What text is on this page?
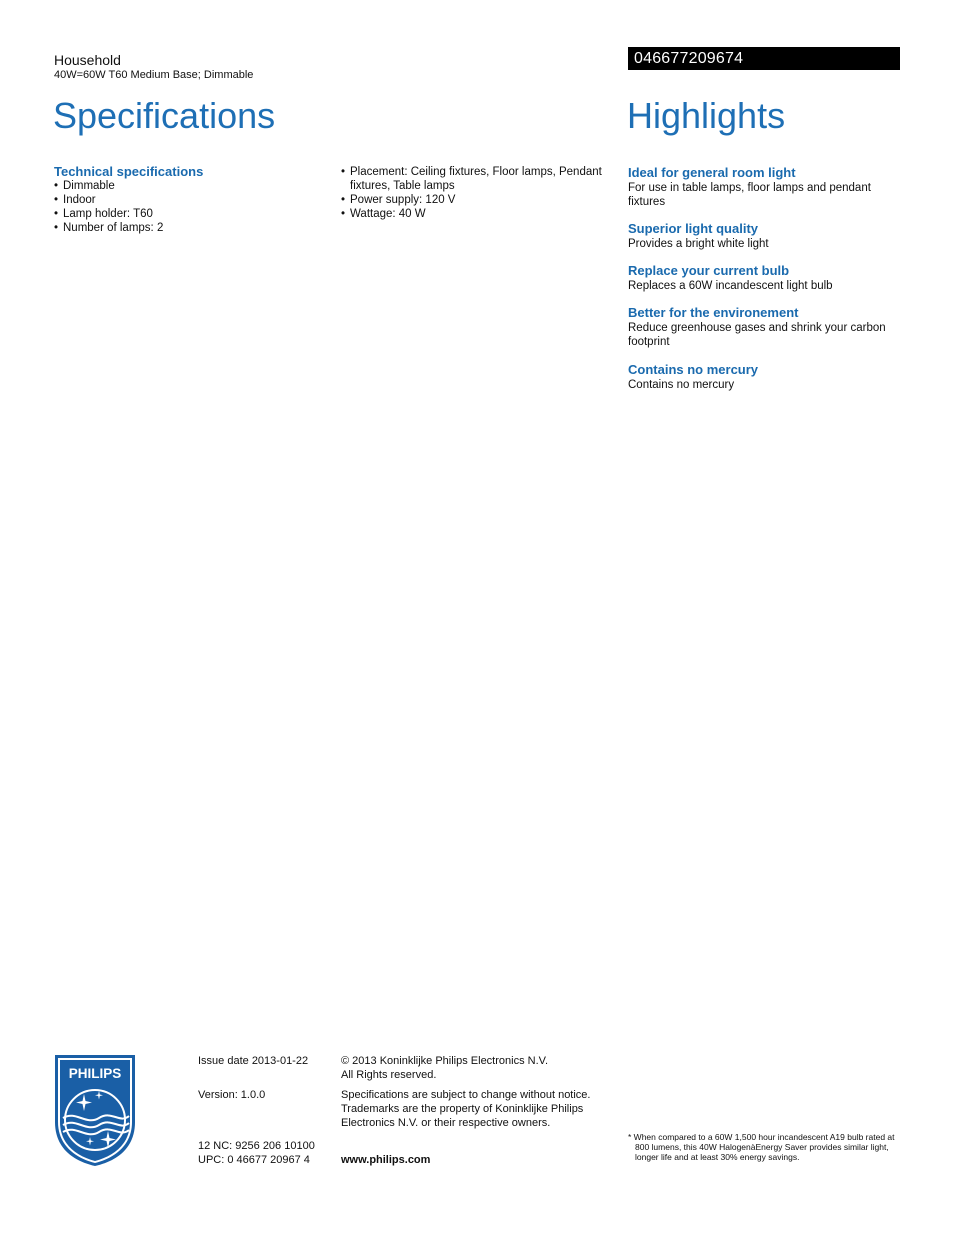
Household
40W=60W T60 Medium Base; Dimmable
046677209674
Specifications	Highlights
Technical specifications
• Dimmable
• Indoor
• Lamp holder: T60
• Number of lamps: 2
• Placement: Ceiling fixtures, Floor lamps, Pendant fixtures, Table lamps
• Power supply: 120 V
• Wattage: 40 W
Ideal for general room light
For use in table lamps, floor lamps and pendant fixtures
Superior light quality
Provides a bright white light
Replace your current bulb
Replaces a 60W incandescent light bulb
Better for the environement
Reduce greenhouse gases and shrink your carbon footprint
Contains no mercury
Contains no mercury
PHILIPS
Issue date 2013-01-22
Version: 1.0.0
12 NC: 9256 206 10100
UPC: 0 46677 20967 4
© 2013 Koninklijke Philips Electronics N.V.
All Rights reserved.
Specifications are subject to change without notice. Trademarks are the property of Koninklijke Philips Electronics N.V. or their respective owners.
www.philips.com
* When compared to a 60W 1,500 hour incandescent A19 bulb rated at 800 lumens, this 40W HalogenàEnergy Saver provides similar light, longer life and at least 30% energy savings.
